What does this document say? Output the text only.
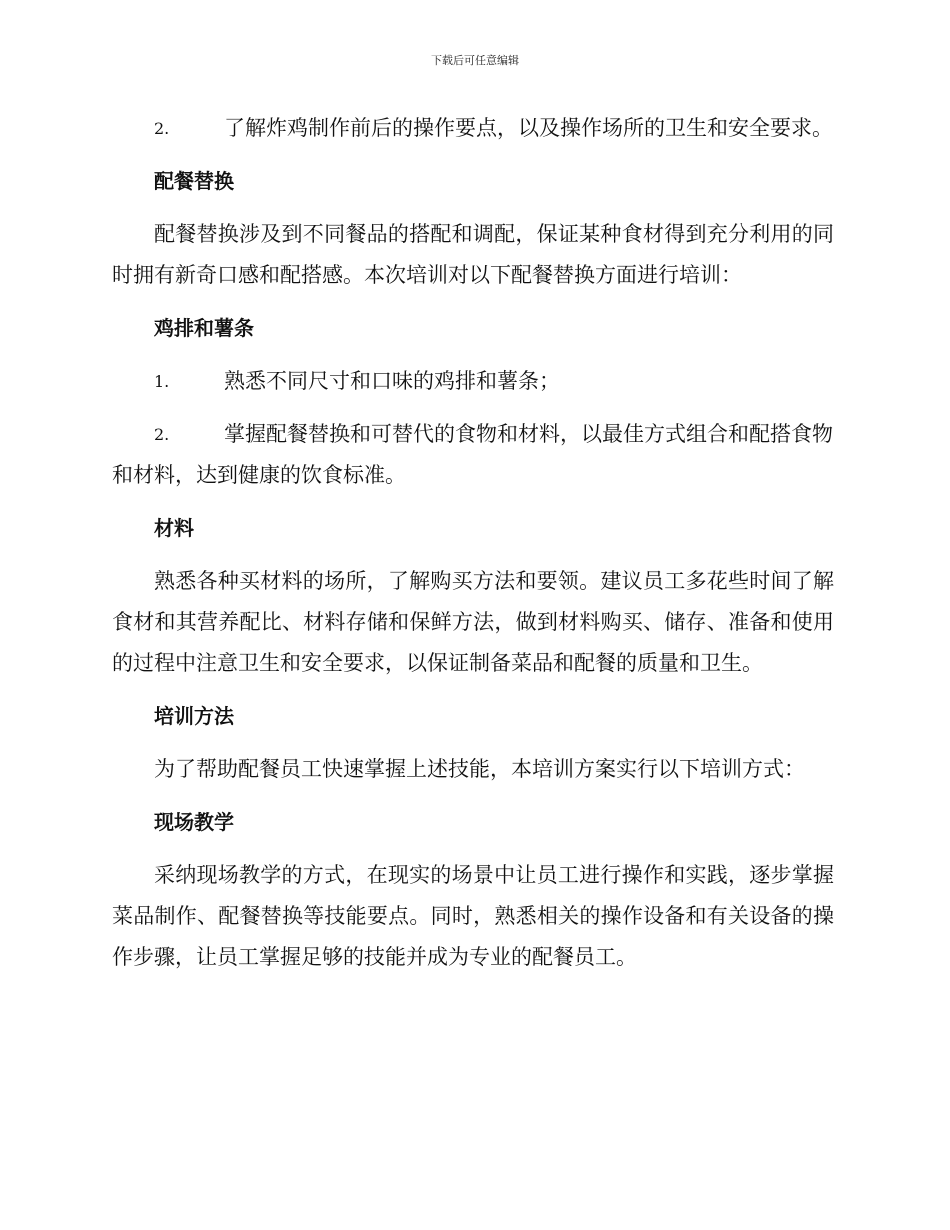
下载后可任意编辑
2.	了解炸鸡制作前后的操作要点，以及操作场所的卫生和安全要求。
配餐替换

配餐替换涉及到不同餐品的搭配和调配，保证某种食材得到充分利用的同时拥有新奇口感和配搭感。本次培训对以下配餐替换方面进行培训：

鸡排和薯条
1.	熟悉不同尺寸和口味的鸡排和薯条；
2.	掌握配餐替换和可替代的食物和材料，以最佳方式组合和配搭食物和材料，达到健康的饮食标准。
材料

熟悉各种买材料的场所，了解购买方法和要领。建议员工多花些时间了解食材和其营养配比、材料存储和保鲜方法，做到材料购买、储存、准备和使用的过程中注意卫生和安全要求，以保证制备菜品和配餐的质量和卫生。

培训方法

为了帮助配餐员工快速掌握上述技能，本培训方案实行以下培训方式：

现场教学

采纳现场教学的方式，在现实的场景中让员工进行操作和实践，逐步掌握菜品制作、配餐替换等技能要点。同时，熟悉相关的操作设备和有关设备的操作步骤，让员工掌握足够的技能并成为专业的配餐员工。
